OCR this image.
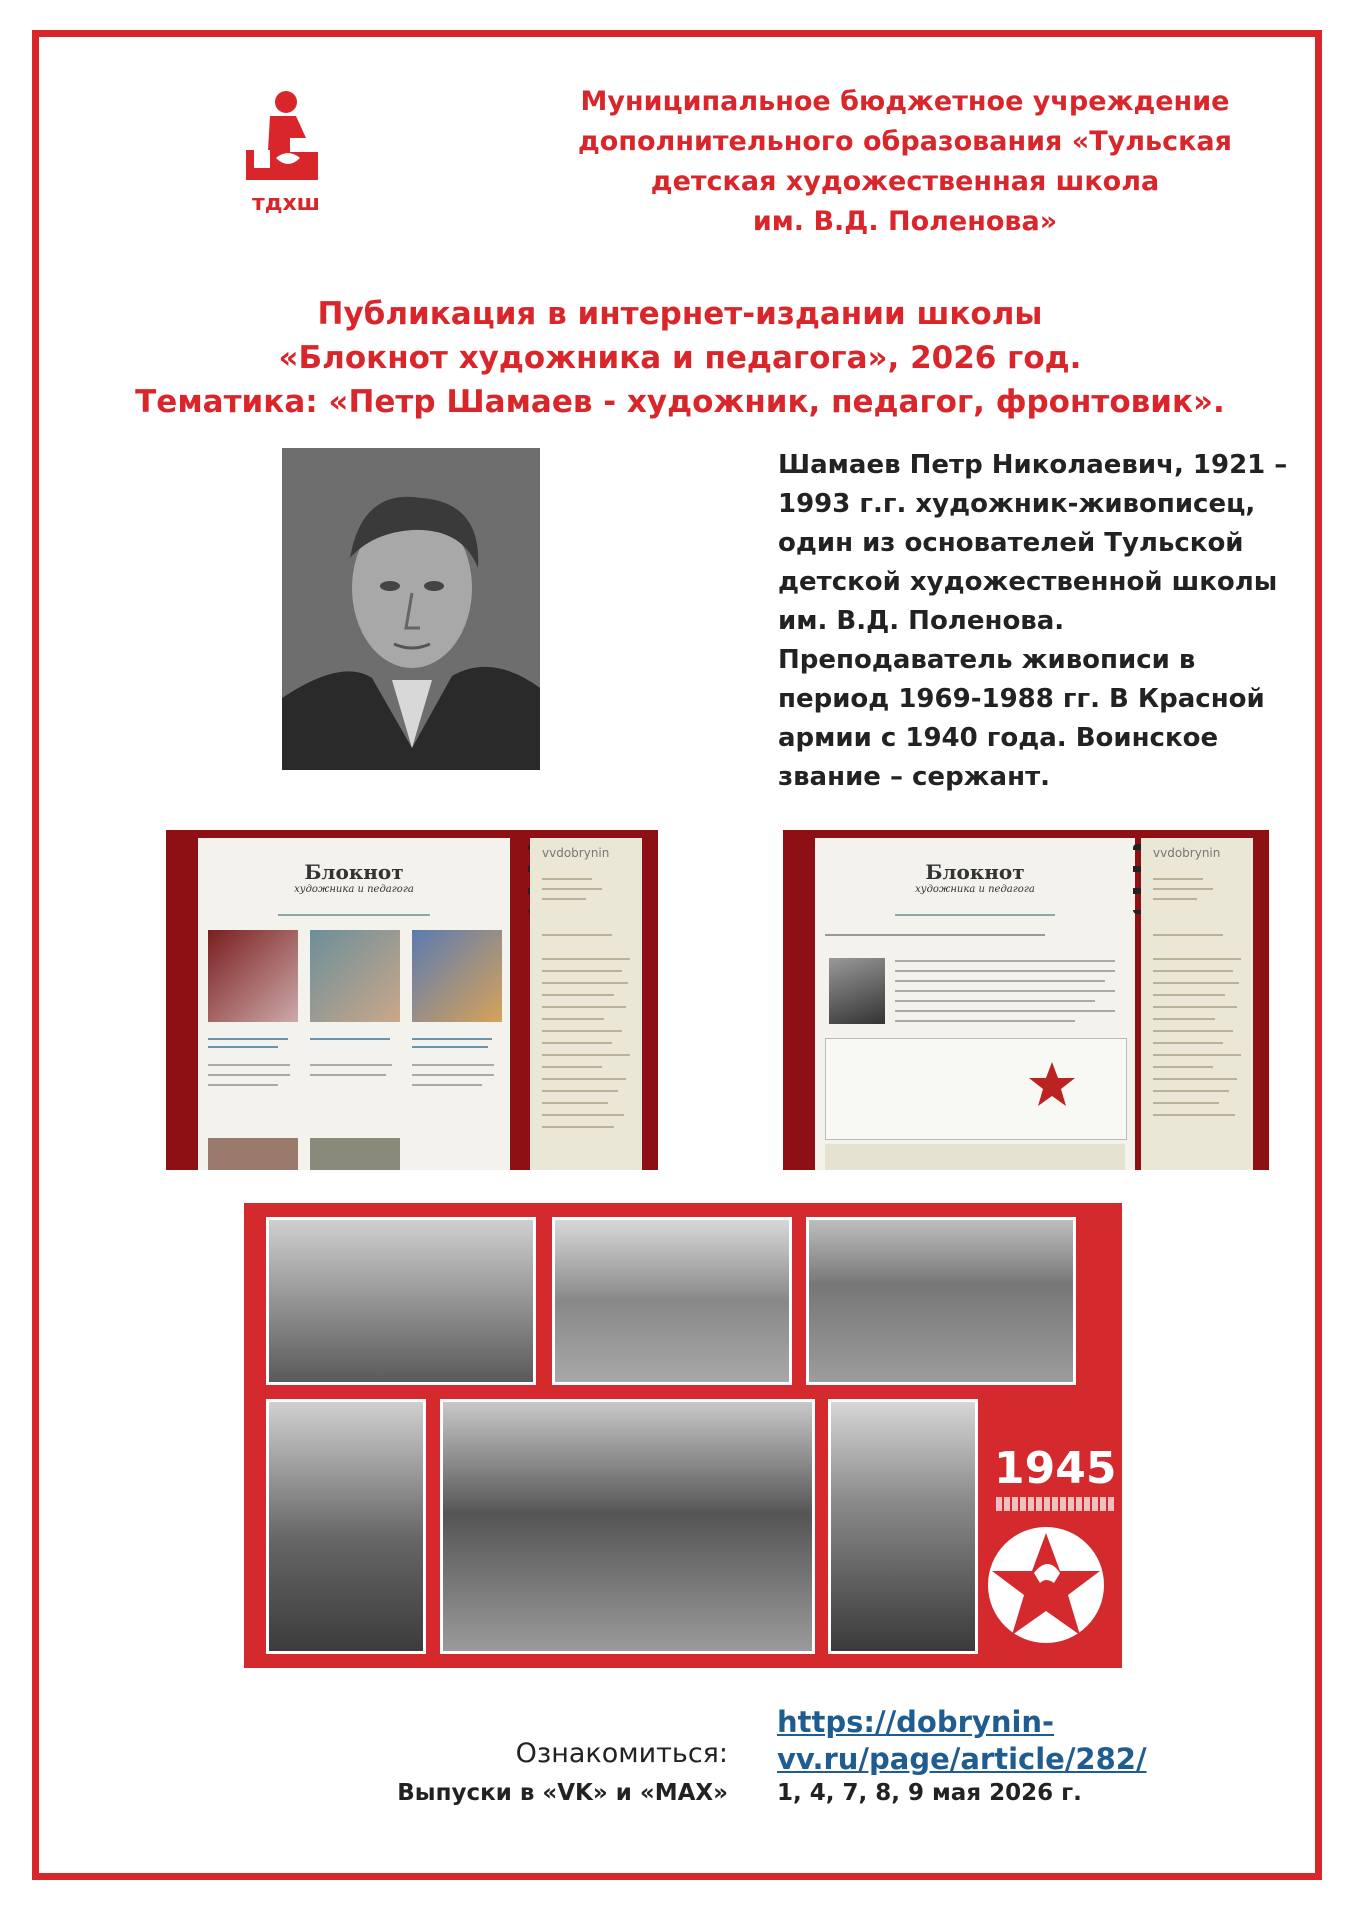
тдхш
Муниципальное бюджетное учреждение
дополнительного образования «Тульская
детская художественная школа
им. В.Д. Поленова»
Публикация в интернет-издании школы
«Блокнот художника и педагога», 2026 год.
Тематика: «Петр Шамаев - художник, педагог, фронтовик».
Шамаев Петр Николаевич, 1921 – 1993 г.г. художник-живописец, один из основателей Тульской детской художественной школы им. В.Д. Поленова. Преподаватель живописи в период 1969-1988 гг. В Красной армии с 1940 года. Воинское звание – сержант.
Блокнот
художника и педагога
vvdobrynin
Блокнот
художника и педагога
vvdobrynin
1945
Ознакомиться:
Выпуски в «VK» и «MAX»
https://dobrynin-
vv.ru/page/article/282/
1, 4, 7, 8, 9 мая 2026 г.
